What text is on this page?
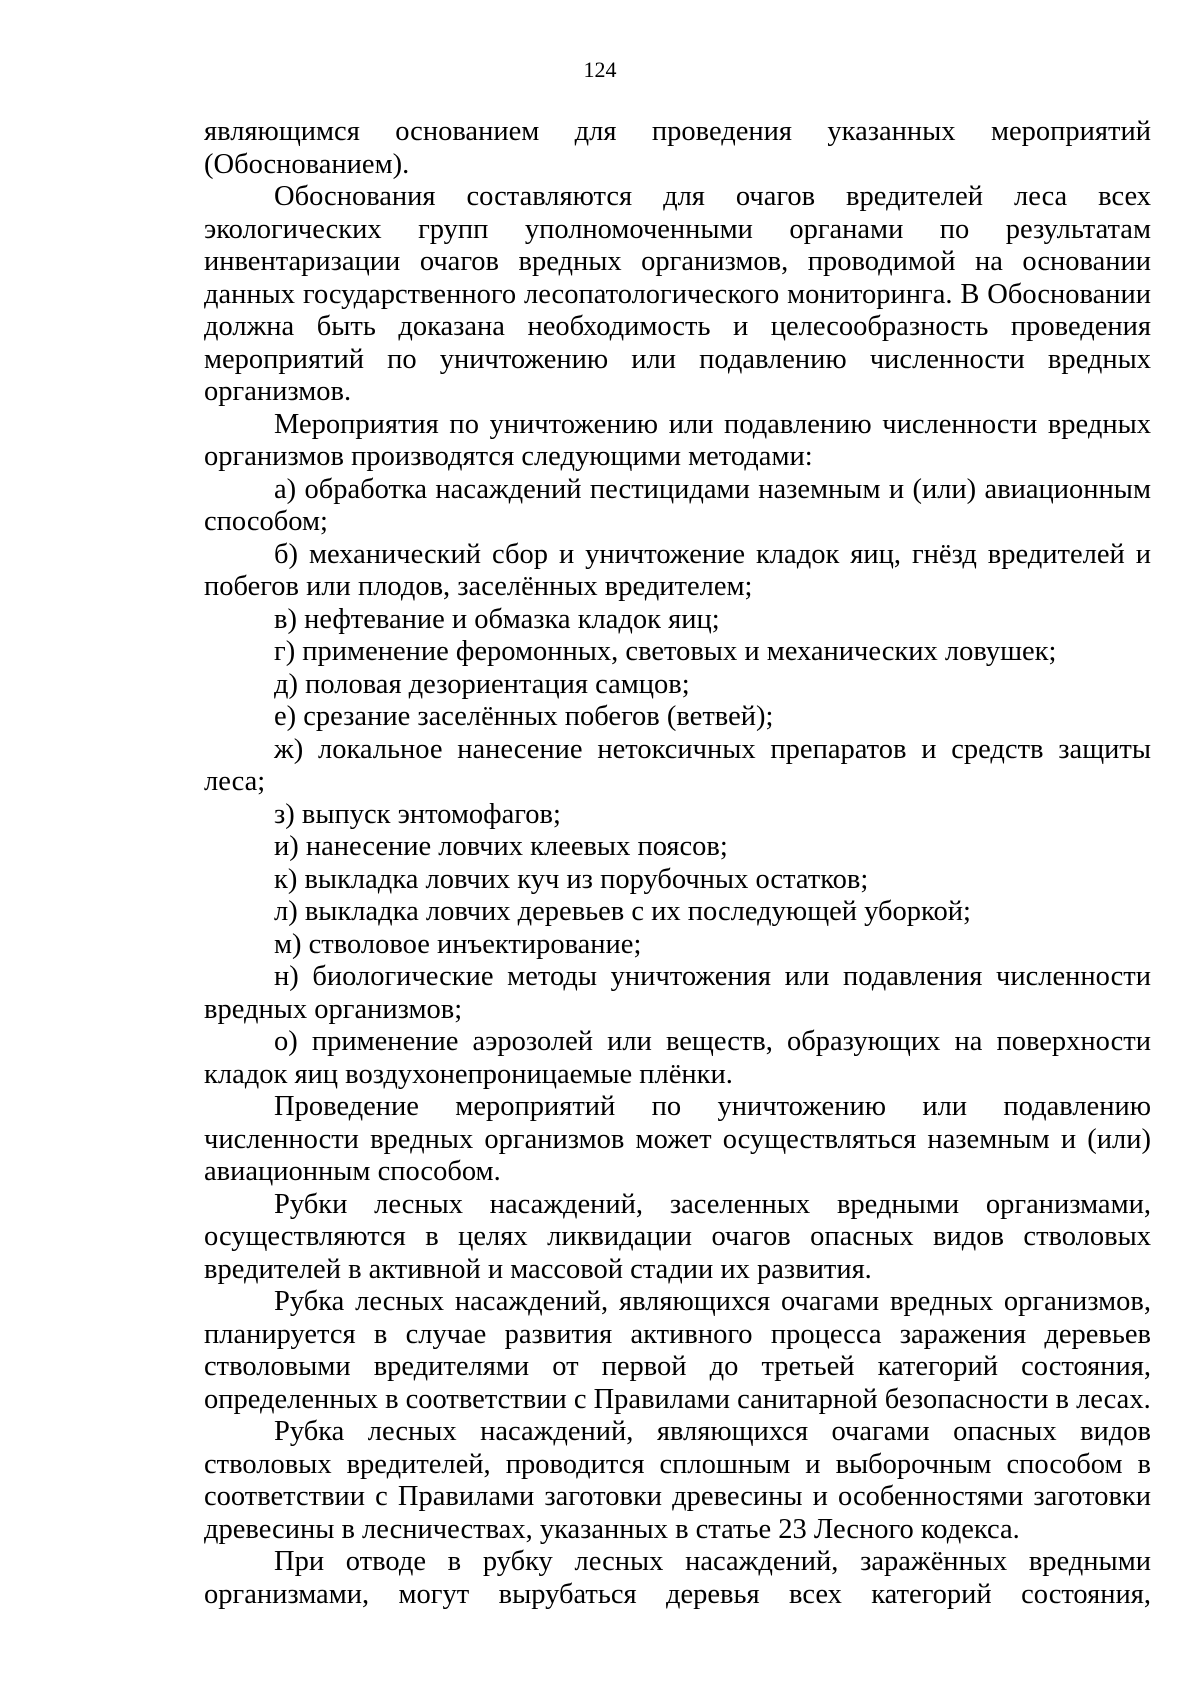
124

являющимся основанием для проведения указанных мероприятий (Обоснованием).

Обоснования составляются для очагов вредителей леса всех экологических групп уполномоченными органами по результатам инвентаризации очагов вредных организмов, проводимой на основании данных государственного лесопатологического мониторинга. В Обосновании должна быть доказана необходимость и целесообразность проведения мероприятий по уничтожению или подавлению численности вредных организмов.

Мероприятия по уничтожению или подавлению численности вредных организмов производятся следующими методами:

а) обработка насаждений пестицидами наземным и (или) авиационным способом;

б) механический сбор и уничтожение кладок яиц, гнёзд вредителей и побегов или плодов, заселённых вредителем;

в) нефтевание и обмазка кладок яиц;

г) применение феромонных, световых и механических ловушек;

д) половая дезориентация самцов;

е) срезание заселённых побегов (ветвей);

ж) локальное нанесение нетоксичных препаратов и средств защиты леса;

з) выпуск энтомофагов;

и) нанесение ловчих клеевых поясов;

к) выкладка ловчих куч из порубочных остатков;

л) выкладка ловчих деревьев с их последующей уборкой;

м) стволовое инъектирование;

н) биологические методы уничтожения или подавления численности вредных организмов;

о) применение аэрозолей или веществ, образующих на поверхности кладок яиц воздухонепроницаемые плёнки.

Проведение мероприятий по уничтожению или подавлению численности вредных организмов может осуществляться наземным и (или) авиационным способом.

Рубки лесных насаждений, заселенных вредными организмами, осуществляются в целях ликвидации очагов опасных видов стволовых вредителей в активной и массовой стадии их развития.

Рубка лесных насаждений, являющихся очагами вредных организмов, планируется в случае развития активного процесса заражения деревьев стволовыми вредителями от первой до третьей категорий состояния, определенных в соответствии с Правилами санитарной безопасности в лесах.

Рубка лесных насаждений, являющихся очагами опасных видов стволовых вредителей, проводится сплошным и выборочным способом в соответствии с Правилами заготовки древесины и особенностями заготовки древесины в лесничествах, указанных в статье 23 Лесного кодекса.

При отводе в рубку лесных насаждений, заражённых вредными организмами, могут вырубаться деревья всех категорий состояния,
